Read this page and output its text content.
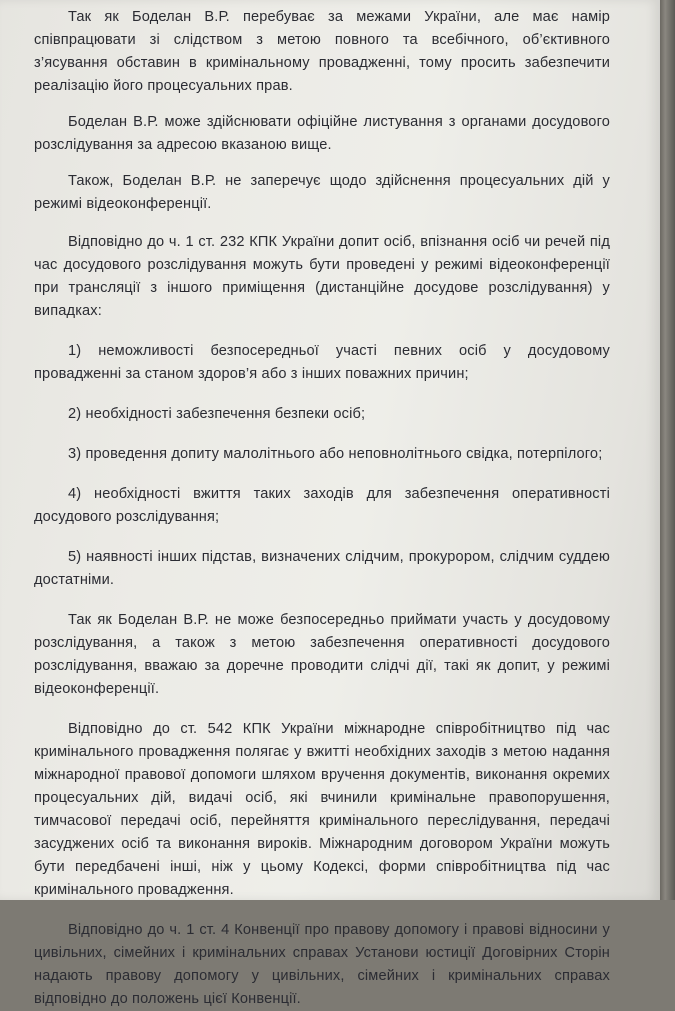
Так як Боделан В.Р. перебуває за межами України, але має намір співпрацювати зі слідством з метою повного та всебічного, об’єктивного з’ясування обставин в кримінальному провадженні, тому просить забезпечити реалізацію його процесуальних прав.

Боделан В.Р. може здійснювати офіційне листування з органами досудового розслідування за адресою вказаною вище.

Також, Боделан В.Р. не заперечує щодо здійснення процесуальних дій у режимі відеоконференції.

Відповідно до ч. 1 ст. 232 КПК України допит осіб, впізнання осіб чи речей під час досудового розслідування можуть бути проведені у режимі відеоконференції при трансляції з іншого приміщення (дистанційне досудове розслідування) у випадках:

1) неможливості безпосередньої участі певних осіб у досудовому провадженні за станом здоров’я або з інших поважних причин;

2) необхідності забезпечення безпеки осіб;

3) проведення допиту малолітнього або неповнолітнього свідка, потерпілого;

4) необхідності вжиття таких заходів для забезпечення оперативності досудового розслідування;

5) наявності інших підстав, визначених слідчим, прокурором, слідчим суддею достатніми.

Так як Боделан В.Р. не може безпосередньо приймати участь у досудовому розслідування, а також з метою забезпечення оперативності досудового розслідування, вважаю за доречне проводити слідчі дії, такі як допит, у режимі відеоконференції.

Відповідно до ст. 542 КПК України міжнародне співробітництво під час кримінального провадження полягає у вжитті необхідних заходів з метою надання міжнародної правової допомоги шляхом вручення документів, виконання окремих процесуальних дій, видачі осіб, які вчинили кримінальне правопорушення, тимчасової передачі осіб, перейняття кримінального переслідування, передачі засуджених осіб та виконання вироків. Міжнародним договором України можуть бути передбачені інші, ніж у цьому Кодексі, форми співробітництва під час кримінального провадження.

Відповідно до ч. 1 ст. 4 Конвенції про правову допомогу і правові відносини у цивільних, сімейних і кримінальних справах Установи юстиції Договірних Сторін надають правову допомогу у цивільних, сімейних і кримінальних справах відповідно до положень цієї Конвенції.
